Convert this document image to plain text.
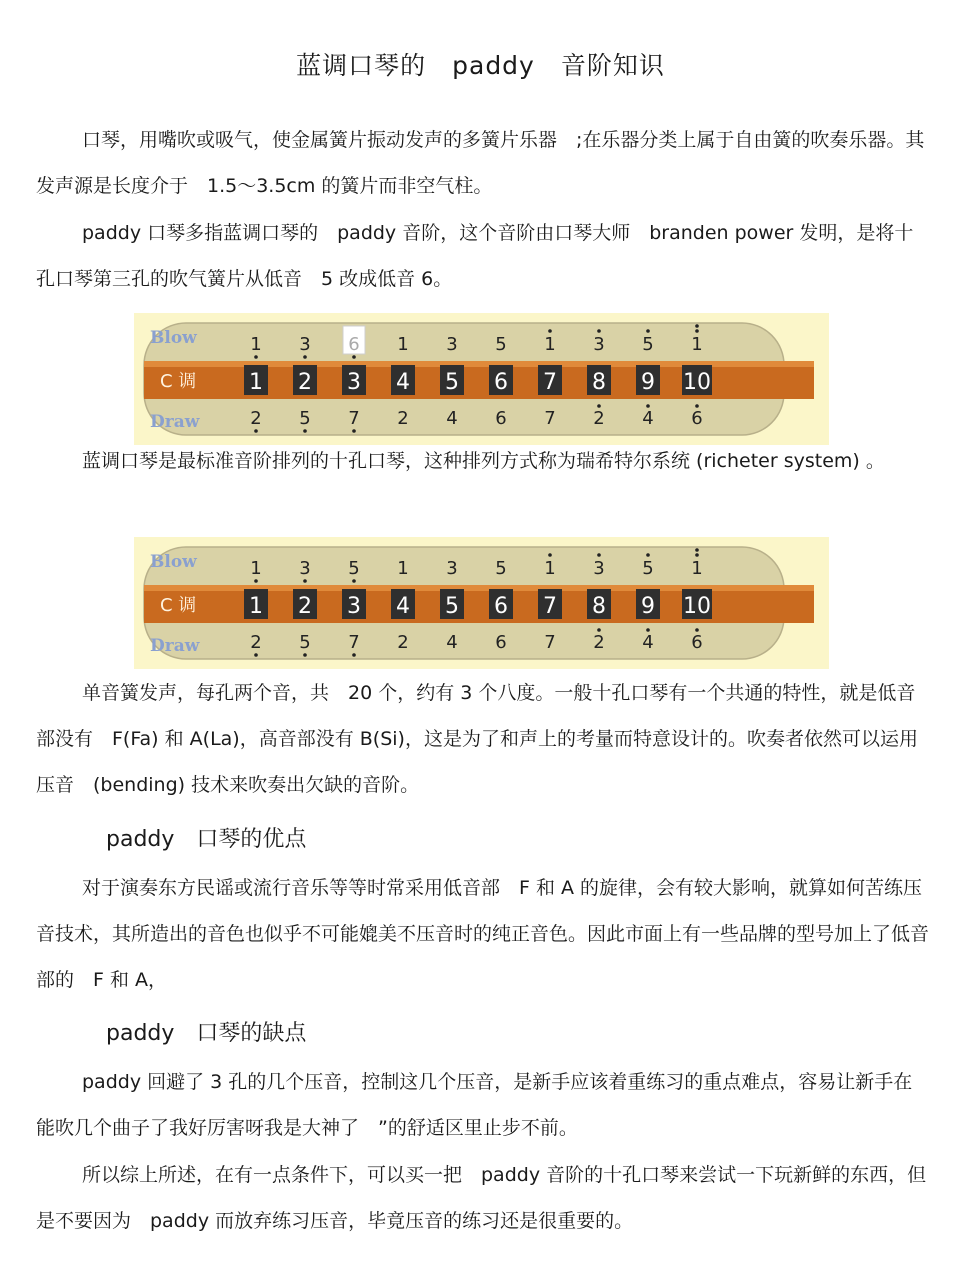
蓝调口琴的　paddy　音阶知识

口琴，用嘴吹或吸气，使金属簧片振动发声的多簧片乐器　;在乐器分类上属于自由簧的吹奏乐器。其发声源是长度介于　1.5～3.5cm 的簧片而非空气柱。

paddy 口琴多指蓝调口琴的　paddy 音阶，这个音阶由口琴大师　branden power 发明，是将十孔口琴第三孔的吹气簧片从低音　5 改成低音 6。

Blow
Draw
C 调 1
1
2
2
3
5
3
6
7
4
1
2
5
3
4
6
5
6
7
1
7
8
3
2
9
5
4
10
1
6

蓝调口琴是最标准音阶排列的十孔口琴，这种排列方式称为瑞希特尔系统 (richeter system) 。

Blow
Draw
C 调 1
1
2
2
3
5
3
5
7
4
1
2
5
3
4
6
5
6
7
1
7
8
3
2
9
5
4
10
1
6

单音簧发声，每孔两个音，共　20 个，约有 3 个八度。一般十孔口琴有一个共通的特性，就是低音部没有　F(Fa) 和 A(La)，高音部没有 B(Si)，这是为了和声上的考量而特意设计的。吹奏者依然可以运用压音　(bending) 技术来吹奏出欠缺的音阶。

paddy　口琴的优点

对于演奏东方民谣或流行音乐等等时常采用低音部　F 和 A 的旋律，会有较大影响，就算如何苦练压音技术，其所造出的音色也似乎不可能媲美不压音时的纯正音色。因此市面上有一些品牌的型号加上了低音部的　F 和 A，

paddy　口琴的缺点

paddy 回避了 3 孔的几个压音，控制这几个压音，是新手应该着重练习的重点难点，容易让新手在　能吹几个曲子了我好厉害呀我是大神了　”的舒适区里止步不前。

所以综上所述，在有一点条件下，可以买一把　paddy 音阶的十孔口琴来尝试一下玩新鲜的东西，但是不要因为　paddy 而放弃练习压音，毕竟压音的练习还是很重要的。
